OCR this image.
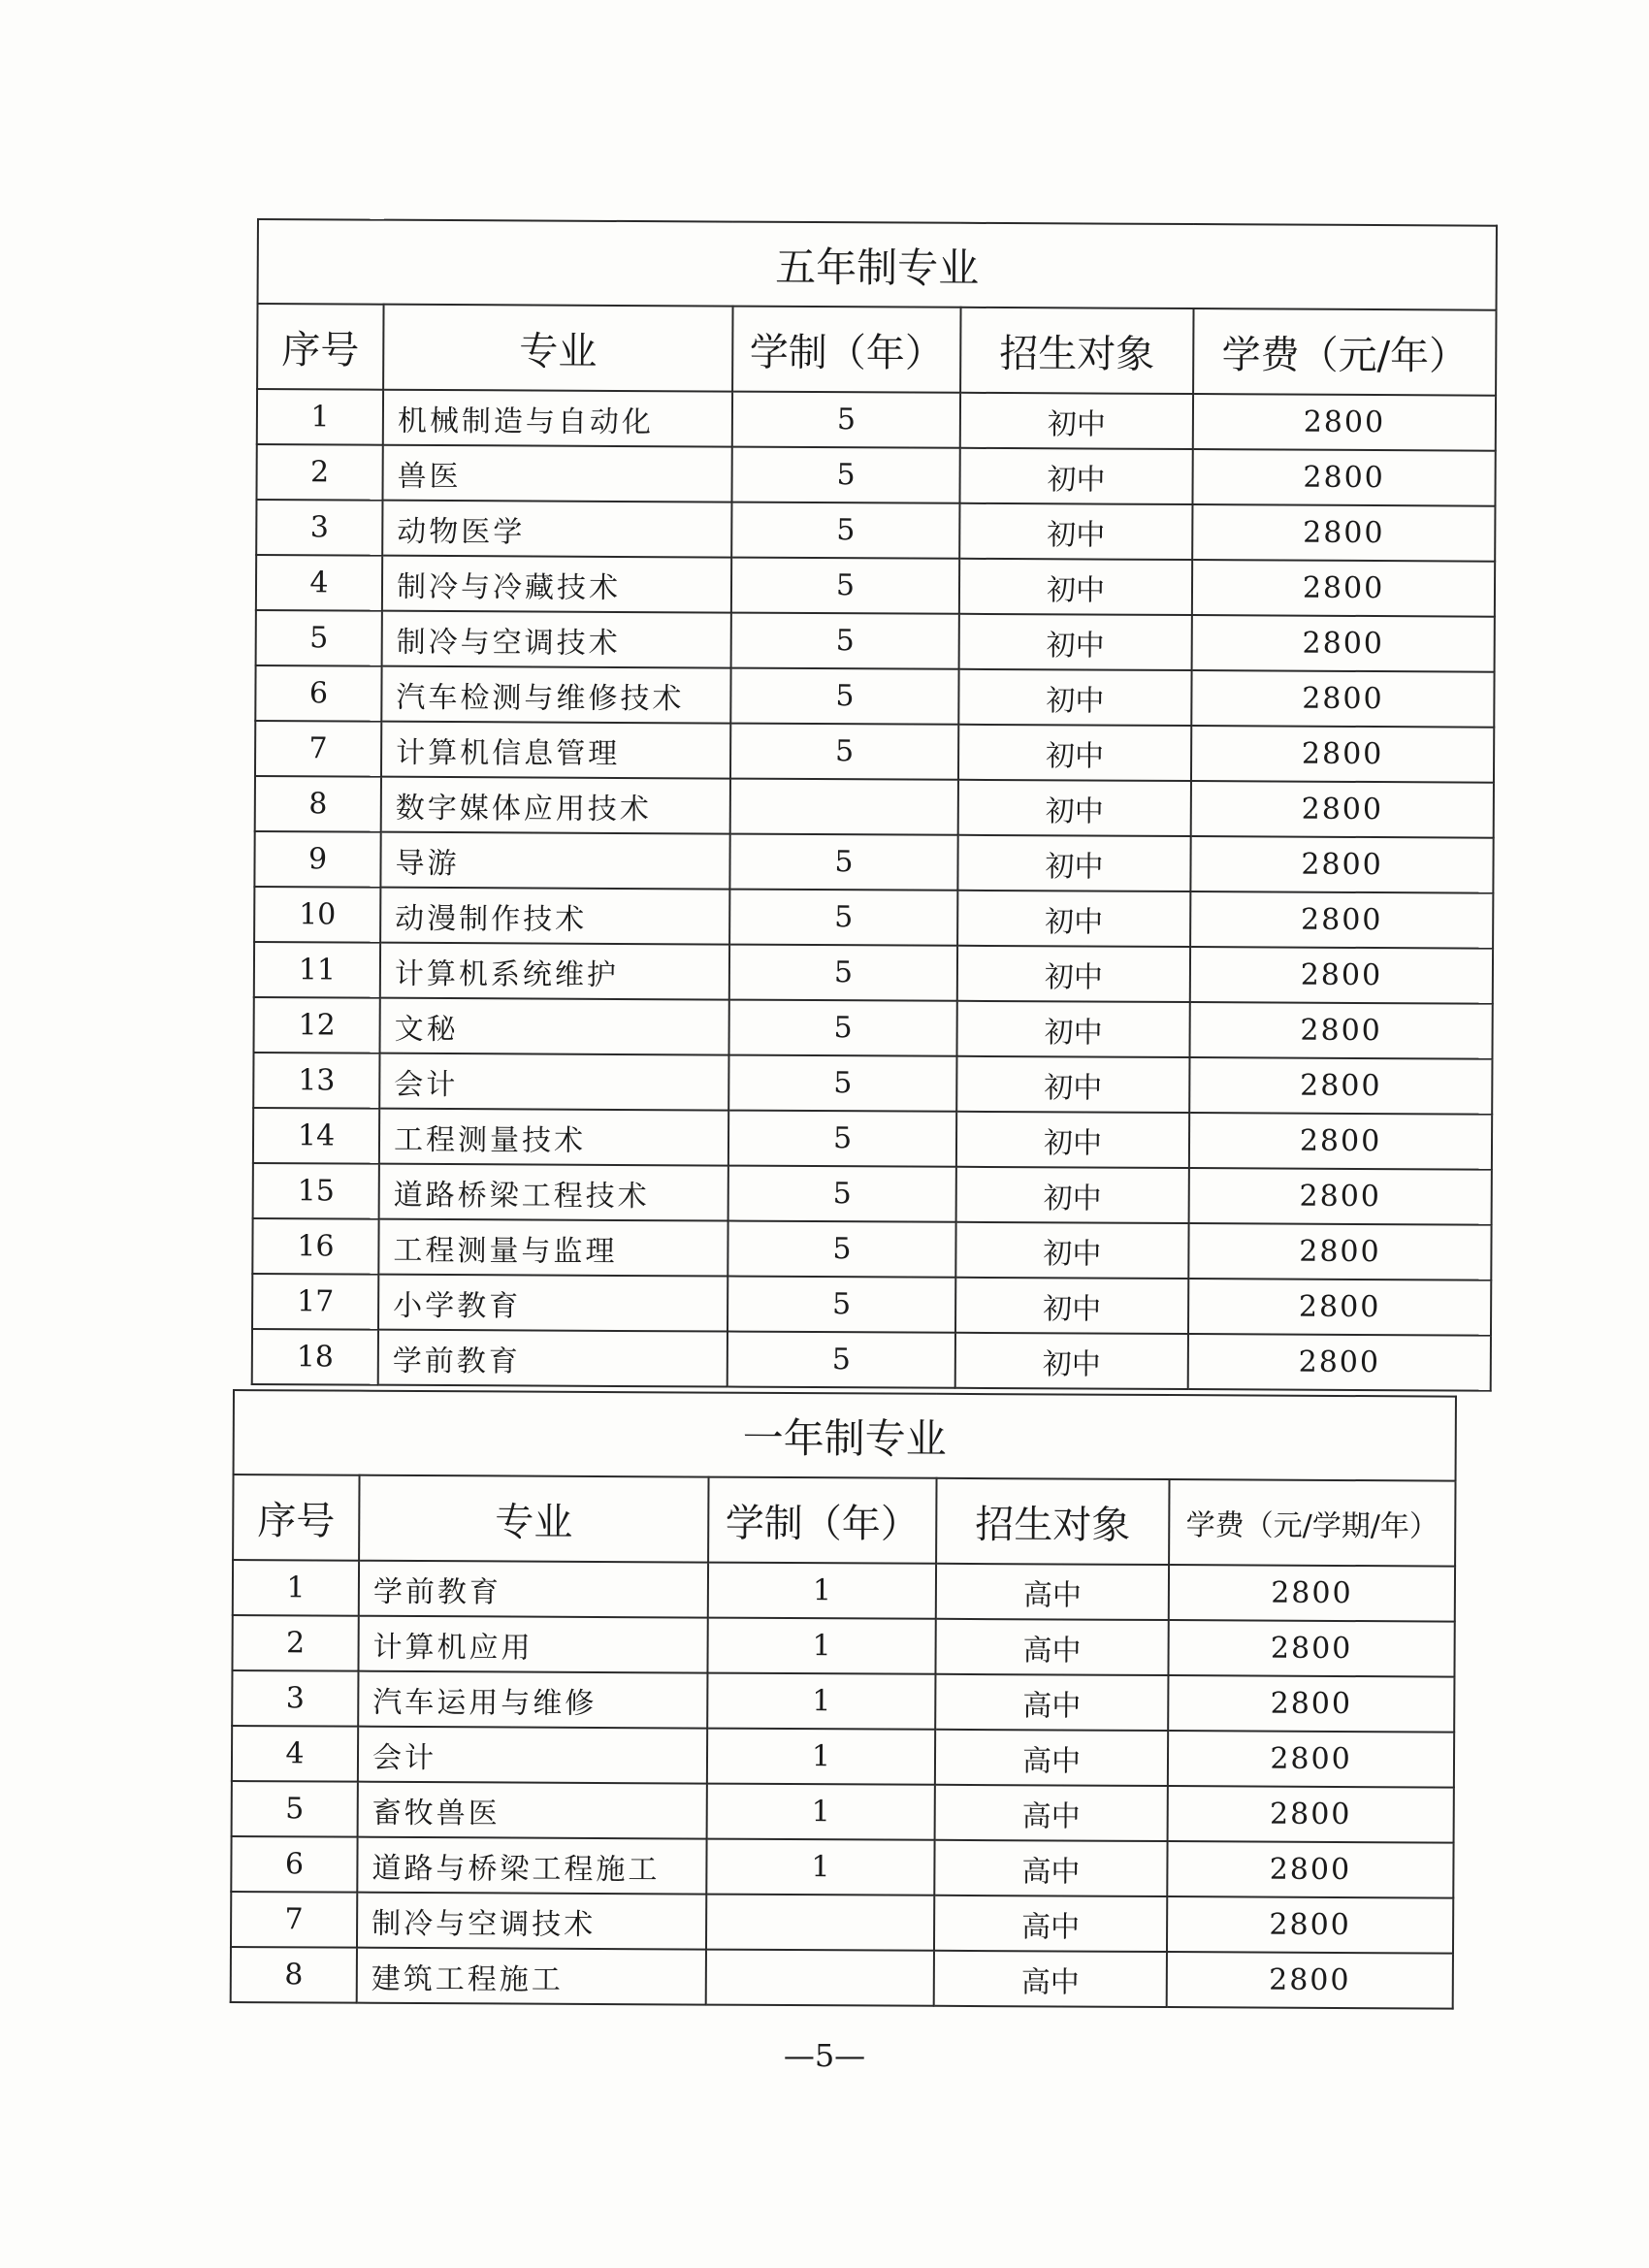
五年制专业				
序号	专业	学制（年）	招生对象	学费（元/年）
1	机械制造与自动化	5	初中	2800
2	兽医	5	初中	2800
3	动物医学	5	初中	2800
4	制冷与冷藏技术	5	初中	2800
5	制冷与空调技术	5	初中	2800
6	汽车检测与维修技术	5	初中	2800
7	计算机信息管理	5	初中	2800
8	数字媒体应用技术		初中	2800
9	导游	5	初中	2800
10	动漫制作技术	5	初中	2800
11	计算机系统维护	5	初中	2800
12	文秘	5	初中	2800
13	会计	5	初中	2800
14	工程测量技术	5	初中	2800
15	道路桥梁工程技术	5	初中	2800
16	工程测量与监理	5	初中	2800
17	小学教育	5	初中	2800
18	学前教育	5	初中	2800
一年制专业				
序号	专业	学制（年）	招生对象	学费（元/学期/年）
1	学前教育	1	高中	2800
2	计算机应用	1	高中	2800
3	汽车运用与维修	1	高中	2800
4	会计	1	高中	2800
5	畜牧兽医	1	高中	2800
6	道路与桥梁工程施工	1	高中	2800
7	制冷与空调技术		高中	2800
8	建筑工程施工		高中	2800
—5—
